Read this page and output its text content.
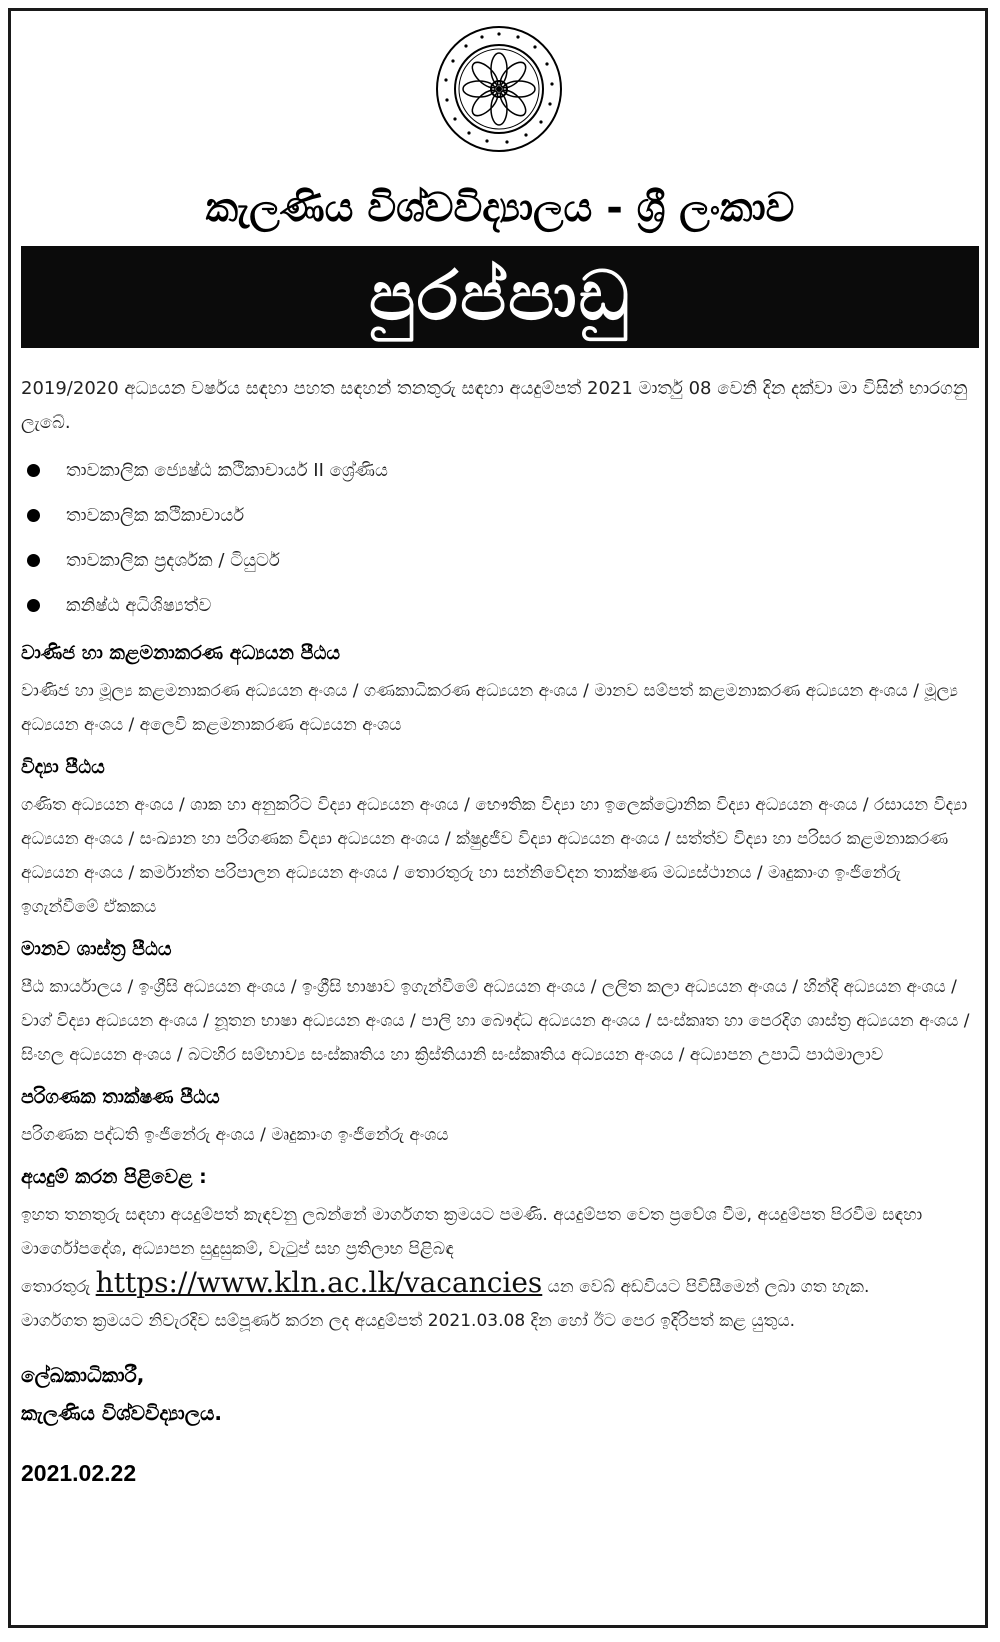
කැලණිය විශ්වවිද්‍යාලය - ශ්‍රී ලංකාව
පුරප්පාඩු

2019/2020 අධ්‍යයන වර්ෂය සඳහා පහත සඳහන් තනතුරු සඳහා අයදුම්පත් 2021 මාර්තු 08 වෙනි දින දක්වා මා විසින් භාරගනු ලැබේ.

තාවකාලික ජ්‍යෙෂ්ඨ කථිකාචාර්ය II ශ්‍රේණිය
තාවකාලික කථිකාචාර්ය
තාවකාලික ප්‍රදර්ශක / ටියුටර්
කනිෂ්ඨ අධිශිෂ්‍යත්ව
වාණිජ හා කළමනාකරණ අධ්‍යයන පීඨය

වාණිජ හා මූල්‍ය කළමනාකරණ අධ්‍යයන අංශය / ගණකාධිකරණ අධ්‍යයන අංශය / මානව සම්පත් කළමනාකරණ අධ්‍යයන අංශය / මූල්‍ය අධ්‍යයන අංශය / අලෙවි කළමනාකරණ අධ්‍යයන අංශය

විද්‍යා පීඨය

ගණිත අධ්‍යයන අංශය / ශාක හා අනුකරිට විද්‍යා අධ්‍යයන අංශය / භෞතික විද්‍යා හා ඉලෙක්ට්‍රොනික විද්‍යා අධ්‍යයන අංශය / රසායන විද්‍යා අධ්‍යයන අංශය / සංඛ්‍යාන හා පරිගණක විද්‍යා අධ්‍යයන අංශය / ක්ෂුද්‍රජීව විද්‍යා අධ්‍යයන අංශය / සත්ත්ව විද්‍යා හා පරිසර කළමනාකරණ අධ්‍යයන අංශය / කර්මාන්ත පරිපාලන අධ්‍යයන අංශය / තොරතුරු හා සන්නිවේදන තාක්ෂණ මධ්‍යස්ථානය / මෘදුකාංග ඉංජිනේරු ඉගැන්වීමේ ඒකකය

මානව ශාස්ත්‍ර පීඨය

පීඨ කාර්යාලය / ඉංග්‍රීසි අධ්‍යයන අංශය / ඉංග්‍රීසි භාෂාව ඉගැන්වීමේ අධ්‍යයන අංශය / ලලිත කලා අධ්‍යයන අංශය / හින්දි අධ්‍යයන අංශය / වාග් විද්‍යා අධ්‍යයන අංශය / නූතන භාෂා අධ්‍යයන අංශය / පාලි හා බෞද්ධ අධ්‍යයන අංශය / සංස්කෘත හා පෙරදිග ශාස්ත්‍ර අධ්‍යයන අංශය / සිංහල අධ්‍යයන අංශය / බටහිර සම්භාව්‍ය සංස්කෘතිය හා ක්‍රිස්තියානි සංස්කෘතිය අධ්‍යයන අංශය / අධ්‍යාපන උපාධි පාඨමාලාව

පරිගණක තාක්ෂණ පීඨය

පරිගණක පද්ධති ඉංජිනේරු අංශය / මෘදුකාංග ඉංජිනේරු අංශය

අයදුම් කරන පිළිවෙළ :

ඉහත තනතුරු සඳහා අයදුම්පත් කැඳවනු ලබන්නේ මාර්ගගත ක්‍රමයට පමණි. අයදුම්පත වෙත ප්‍රවේශ වීම, අයදුම්පත පිරවීම සඳහා මාර්ගෝපදේශ, අධ්‍යාපන සුදුසුකම්, වැටුප් සහ ප්‍රතිලාභ පිළිබඳ
තොරතුරු https://www.kln.ac.lk/vacancies යන වෙබ් අඩවියට පිවිසීමෙන් ලබා ගත හැක.

මාර්ගගත ක්‍රමයට නිවැරදිව සම්පූර්ණ කරන ලද අයදුම්පත් 2021.03.08 දින හෝ ඊට පෙර ඉදිරිපත් කළ යුතුය.

ලේඛකාධිකාරී,
කැලණිය විශ්වවිද්‍යාලය.
2021.02.22
